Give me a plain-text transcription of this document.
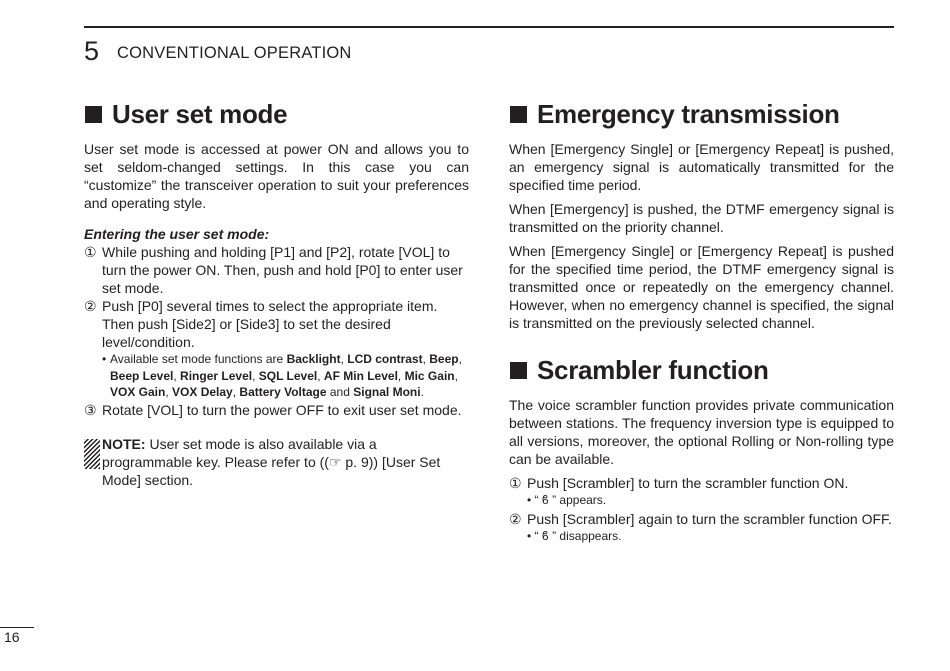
5 CONVENTIONAL OPERATION
User set mode

User set mode is accessed at power ON and allows you to set seldom-changed settings. In this case you can “customize” the transceiver operation to suit your preferences and operating style.

Entering the user set mode:
① While pushing and holding [P1] and [P2], rotate [VOL] to turn the power ON. Then, push and hold [P0] to enter user set mode.
② Push [P0] several times to select the appropriate item.
Then push [Side2] or [Side3] to set the desired level/condition.
• Available set mode functions are Backlight, LCD contrast, Beep, Beep Level, Ringer Level, SQL Level, AF Min Level, Mic Gain, VOX Gain, VOX Delay, Battery Voltage and Signal Moni.
③ Rotate [VOL] to turn the power OFF to exit user set mode.
NOTE: User set mode is also available via a programmable key. Please refer to ((☞ p. 9)) [User Set Mode] section.
Emergency transmission

When [Emergency Single] or [Emergency Repeat] is pushed, an emergency signal is automatically transmitted for the specified time period.

When [Emergency] is pushed, the DTMF emergency signal is transmitted on the priority channel.

When [Emergency Single] or [Emergency Repeat] is pushed for the specified time period, the DTMF emergency signal is transmitted once or repeatedly on the emergency channel. However, when no emergency channel is specified, the signal is transmitted on the previously selected channel.

Scrambler function

The voice scrambler function provides private communication between stations. The frequency inversion type is equipped to all versions, moreover, the optional Rolling or Non-rolling type can be available.

① Push [Scrambler] to turn the scrambler function ON.
• “ ϐ ” appears.
② Push [Scrambler] again to turn the scrambler function OFF.
• “ ϐ ” disappears.
16
